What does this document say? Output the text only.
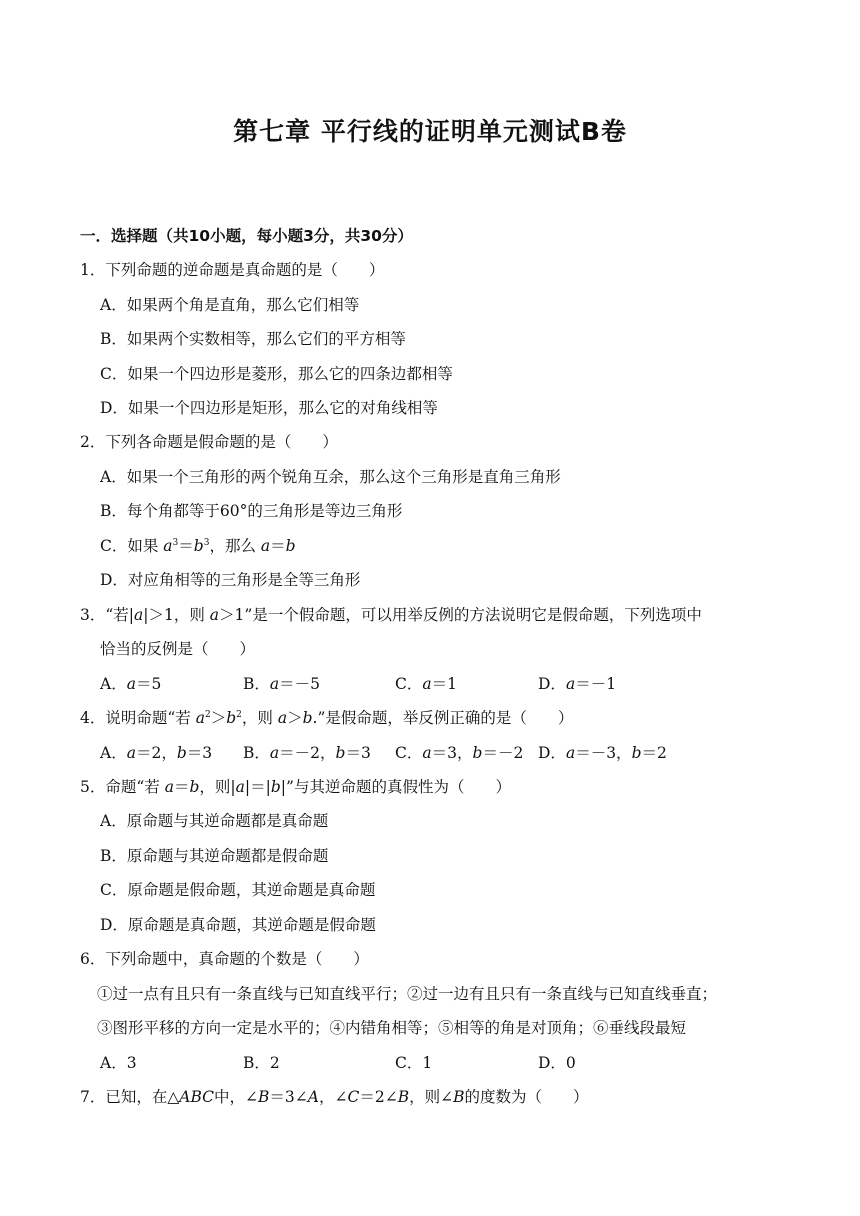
第七章 平行线的证明单元测试B卷
一．选择题（共10小题，每小题3分，共30分）
1．下列命题的逆命题是真命题的是（　　）
A．如果两个角是直角，那么它们相等
B．如果两个实数相等，那么它们的平方相等
C．如果一个四边形是菱形，那么它的四条边都相等
D．如果一个四边形是矩形，那么它的对角线相等
2．下列各命题是假命题的是（　　）
A．如果一个三角形的两个锐角互余，那么这个三角形是直角三角形
B．每个角都等于60°的三角形是等边三角形
C．如果 $a^3=b^3$，那么 a＝b
D．对应角相等的三角形是全等三角形
3．“若|a|＞1，则 a＞1”是一个假命题，可以用举反例的方法说明它是假命题，下列选项中
恰当的反例是（　　）
A．a＝5	B．a＝－5	C．a＝1	D．a＝－1
4．说明命题“若 $a^2>b^2$，则 a＞b.”是假命题，举反例正确的是（　　）
A．a＝2，b＝3 B．a＝－2，b＝3 C．a＝3，b＝－2 D．a＝－3，b＝2
5．命题“若 a＝b，则|a|＝|b|”与其逆命题的真假性为（　　）
A．原命题与其逆命题都是真命题
B．原命题与其逆命题都是假命题
C．原命题是假命题，其逆命题是真命题
D．原命题是真命题，其逆命题是假命题
6．下列命题中，真命题的个数是（　　）
①过一点有且只有一条直线与已知直线平行；②过一边有且只有一条直线与已知直线垂直；
③图形平移的方向一定是水平的；④内错角相等；⑤相等的角是对顶角；⑥垂线段最短
A．3	B．2	C．1	D．0
7．已知，在△ABC中，∠B＝3∠A，∠C＝2∠B，则∠B的度数为（　　）
